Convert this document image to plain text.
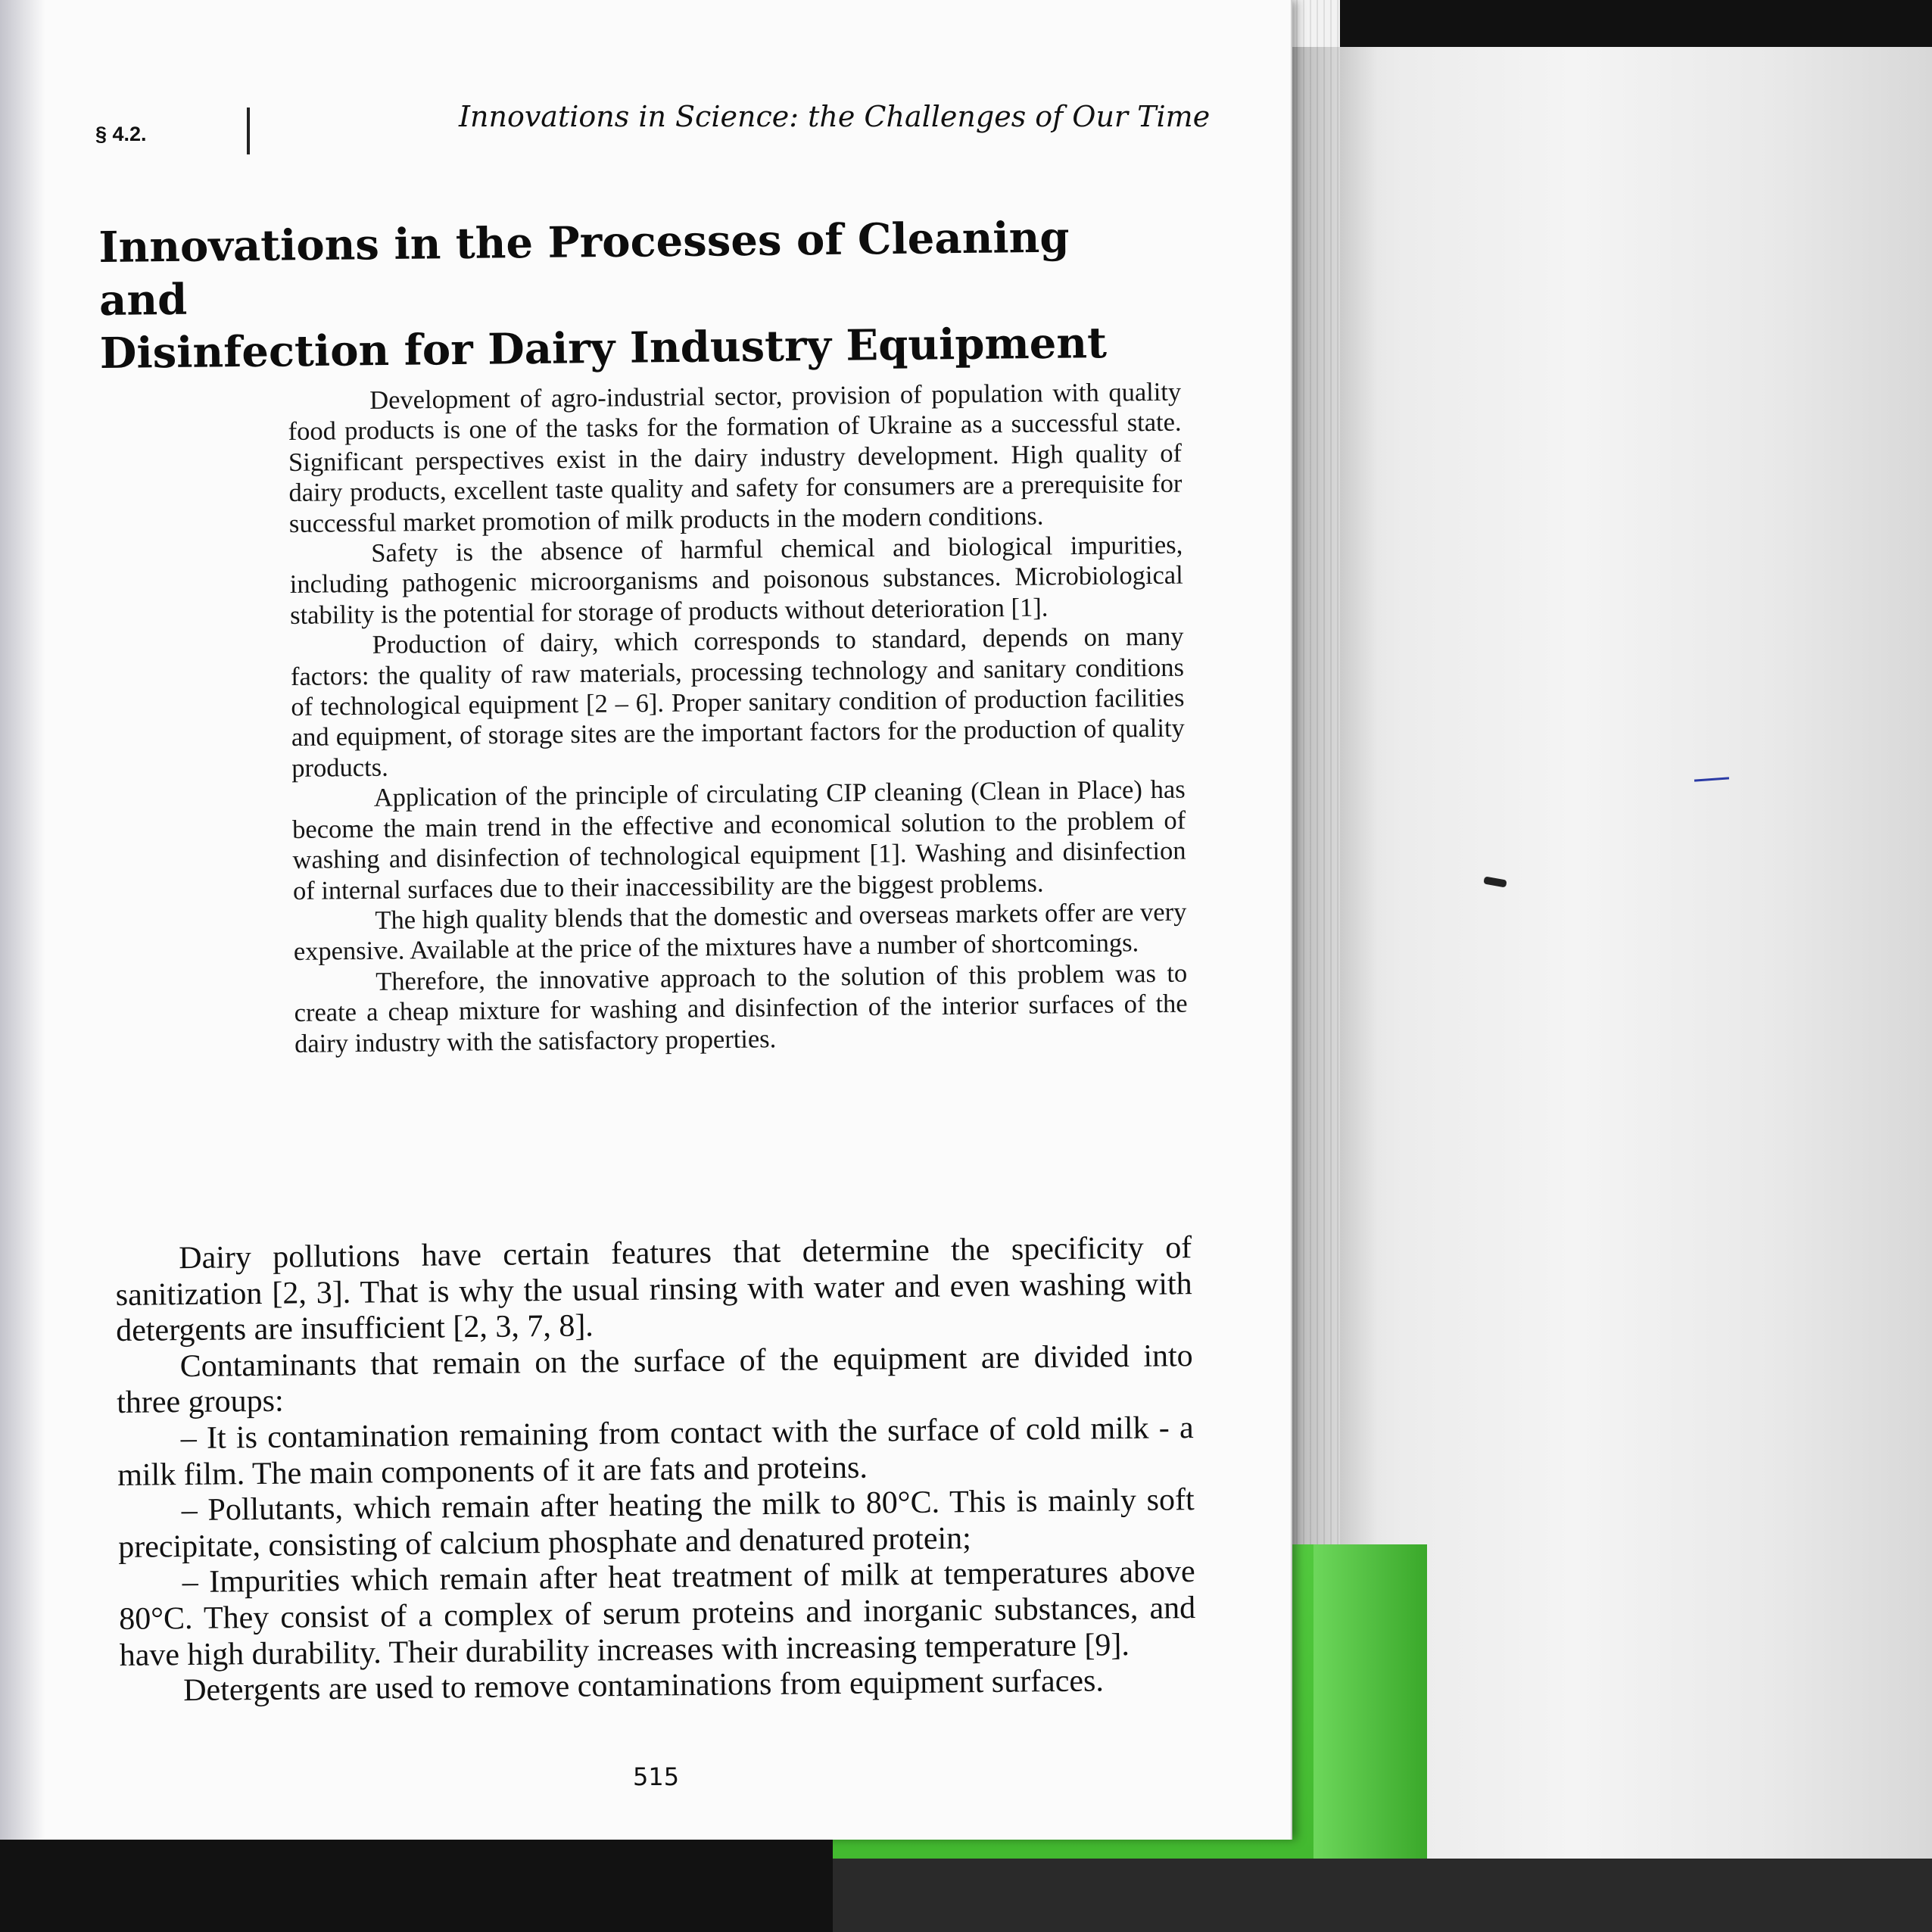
§ 4.2.
Innovations in Science: the Challenges of Our Time
Innovations in the Processes of Cleaning and
Disinfection for Dairy Industry Equipment

Development of agro-industrial sector, provision of population with quality food products is one of the tasks for the formation of Ukraine as a successful state. Significant perspectives exist in the dairy industry development. High quality of dairy products, excellent taste quality and safety for consumers are a prerequisite for successful market promotion of milk products in the modern conditions.

Safety is the absence of harmful chemical and biological impurities, including pathogenic microorganisms and poisonous substances. Microbiological stability is the potential for storage of products without deterioration [1].

Production of dairy, which corresponds to standard, depends on many factors: the quality of raw materials, processing technology and sanitary conditions of technological equipment [2 – 6]. Proper sanitary condition of production facilities and equipment, of storage sites are the important factors for the production of quality products.

Application of the principle of circulating CIP cleaning (Clean in Place) has become the main trend in the effective and economical solution to the problem of washing and disinfection of technological equipment [1]. Washing and disinfection of internal surfaces due to their inaccessibility are the biggest problems.

The high quality blends that the domestic and overseas markets offer are very expensive. Available at the price of the mixtures have a number of shortcomings.

Therefore, the innovative approach to the solution of this problem was to create a cheap mixture for washing and disinfection of the interior surfaces of the dairy industry with the satisfactory properties.

Dairy pollutions have certain features that determine the specificity of sanitization [2, 3]. That is why the usual rinsing with water and even washing with detergents are insufficient [2, 3, 7, 8].

Contaminants that remain on the surface of the equipment are divided into three groups:

– It is contamination remaining from contact with the surface of cold milk - a milk film. The main components of it are fats and proteins.

– Pollutants, which remain after heating the milk to 80°C. This is mainly soft precipitate, consisting of calcium phosphate and denatured protein;

– Impurities which remain after heat treatment of milk at temperatures above 80°C. They consist of a complex of serum proteins and inorganic substances, and have high durability. Their durability increases with increasing temperature [9].

Detergents are used to remove contaminations from equipment surfaces.

515
